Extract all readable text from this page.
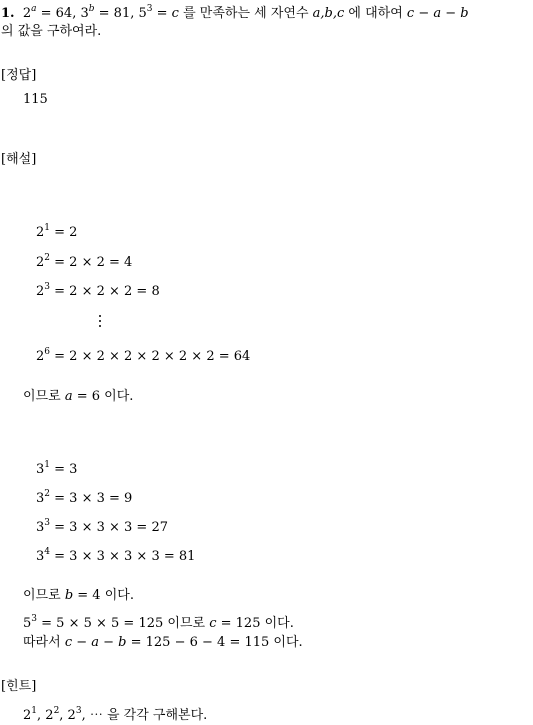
1. $2^a = 64$, $3^b = 81$, $5^3 = c$ 를 만족하는 세 자연수 a,b,c 에 대하여 c − a − b
의 값을 구하여라.
[정답]
115
[해설]
$2^1 = 2$
$2^2 = 2 \times 2 = 4$
$2^3 = 2 \times 2 \times 2 = 8$
$2^6 = 2 \times 2 \times 2 \times 2 \times 2 \times 2 = 64$
이므로 a = 6 이다.
$3^1 = 3$
$3^2 = 3 \times 3 = 9$
$3^3 = 3 \times 3 \times 3 = 27$
$3^4 = 3 \times 3 \times 3 \times 3 = 81$
이므로 b = 4 이다.
$5^3 = 5 \times 5 \times 5 = 125$ 이므로 c = 125 이다.
따라서 c − a − b = 125 − 6 − 4 = 115 이다.
[힌트]
$2^1$, $2^2$, $2^3$, ⋯ 을 각각 구해본다.
